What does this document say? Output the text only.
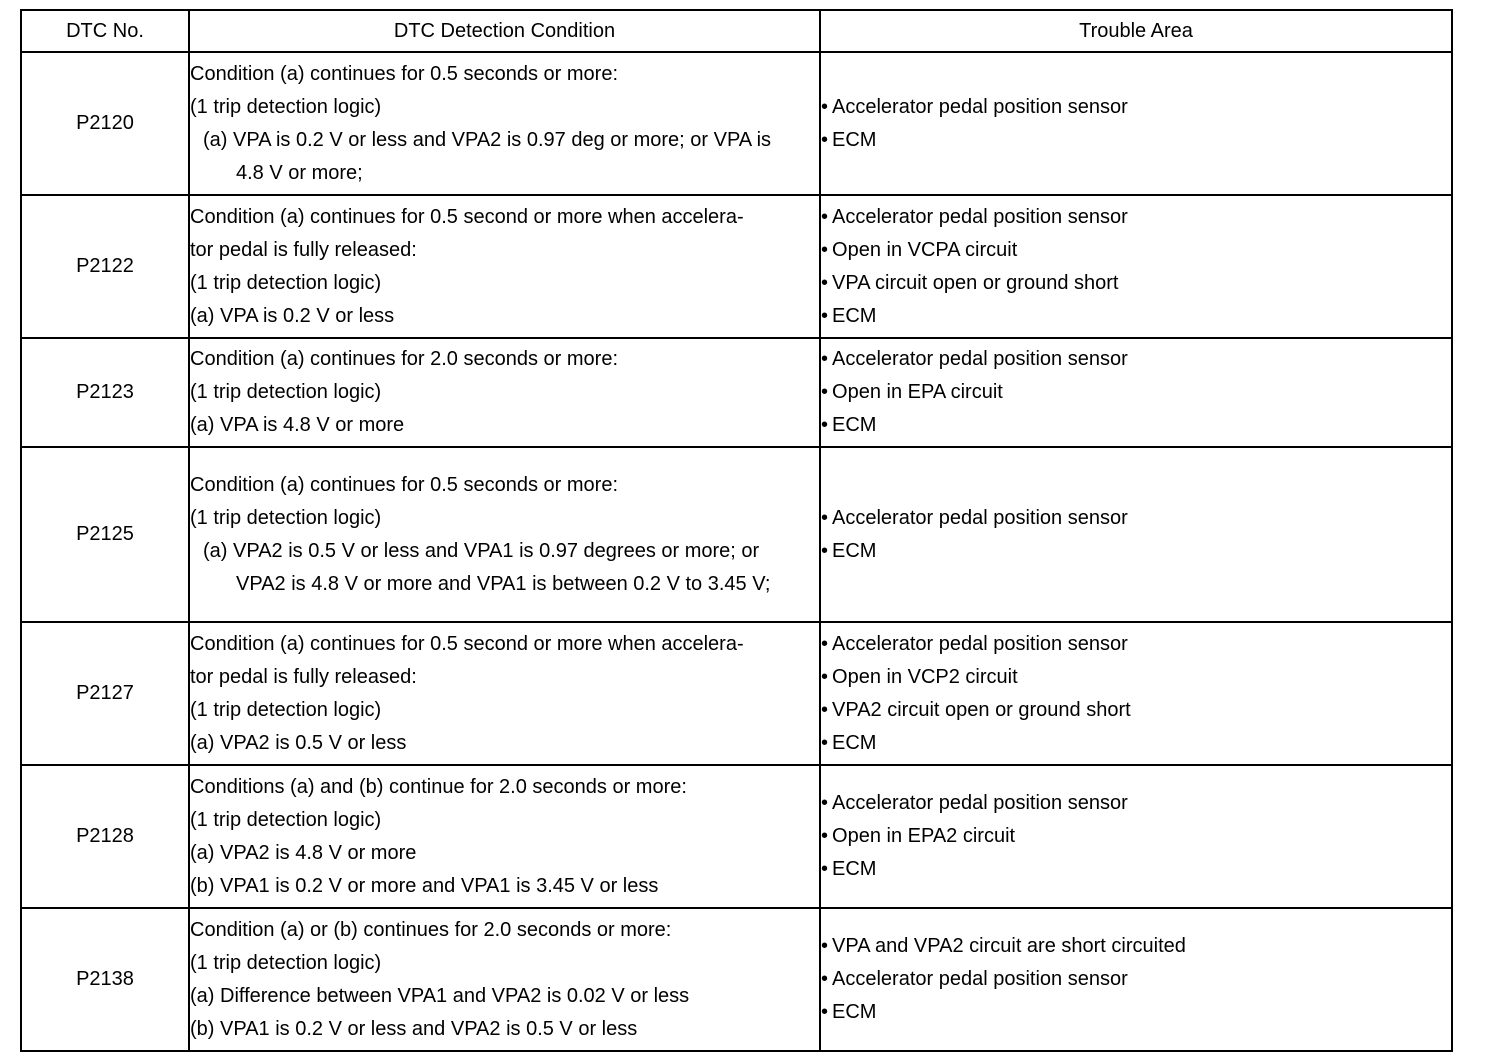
DTC No.	DTC Detection Condition	Trouble Area
P2120	Condition (a) continues for 0.5 seconds or more:
(1 trip detection logic)
(a) VPA is 0.2 V or less and VPA2 is 0.97 deg or more; or VPA is 4.8 V or more;	• Accelerator pedal position sensor
• ECM

P2122	Condition (a) continues for 0.5 second or more when accelera-
tor pedal is fully released:
(1 trip detection logic)
(a) VPA is 0.2 V or less	• Accelerator pedal position sensor
• Open in VCPA circuit
• VPA circuit open or ground short
• ECM

P2123	Condition (a) continues for 2.0 seconds or more:
(1 trip detection logic)
(a) VPA is 4.8 V or more	• Accelerator pedal position sensor
• Open in EPA circuit
• ECM

P2125	Condition (a) continues for 0.5 seconds or more:
(1 trip detection logic)
(a) VPA2 is 0.5 V or less and VPA1 is 0.97 degrees or more; or VPA2 is 4.8 V or more and VPA1 is between 0.2 V to 3.45 V;	• Accelerator pedal position sensor
• ECM

P2127	Condition (a) continues for 0.5 second or more when accelera-
tor pedal is fully released:
(1 trip detection logic)
(a) VPA2 is 0.5 V or less	• Accelerator pedal position sensor
• Open in VCP2 circuit
• VPA2 circuit open or ground short
• ECM

P2128	Conditions (a) and (b) continue for 2.0 seconds or more:
(1 trip detection logic)
(a) VPA2 is 4.8 V or more
(b) VPA1 is 0.2 V or more and VPA1 is 3.45 V or less	• Accelerator pedal position sensor
• Open in EPA2 circuit
• ECM

P2138	Condition (a) or (b) continues for 2.0 seconds or more:
(1 trip detection logic)
(a) Difference between VPA1 and VPA2 is 0.02 V or less
(b) VPA1 is 0.2 V or less and VPA2 is 0.5 V or less	• VPA and VPA2 circuit are short circuited
• Accelerator pedal position sensor
• ECM
